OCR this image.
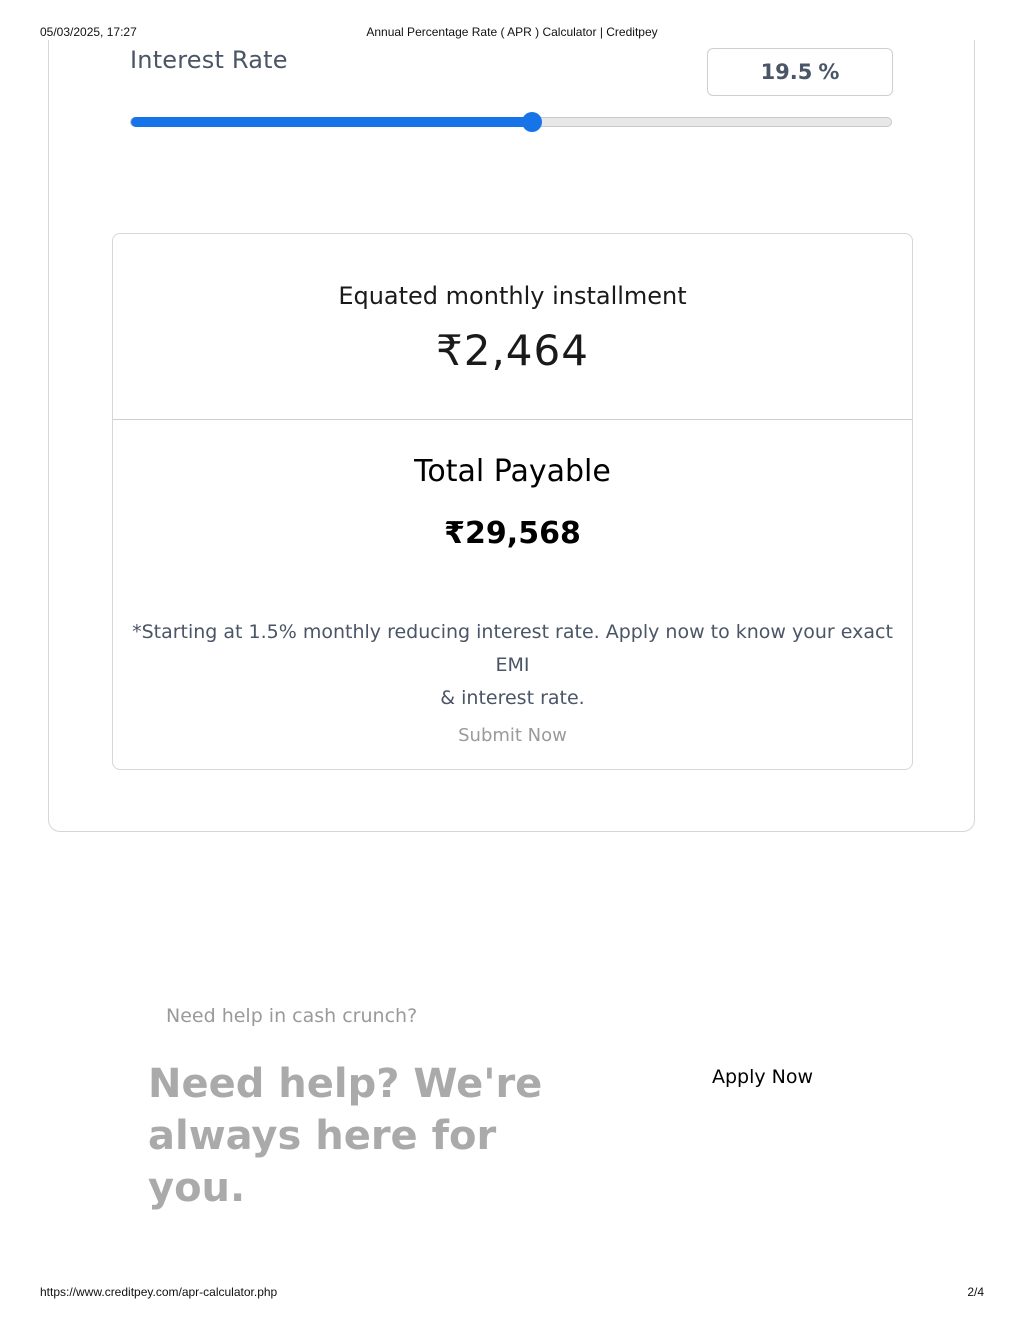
05/03/2025, 17:27	Annual Percentage Rate ( APR ) Calculator | Creditpey
Interest Rate	19.5 %
Equated monthly installment
₹2,464
Total Payable
₹29,568
*Starting at 1.5% monthly reducing interest rate. Apply now to know your exact EMI
& interest rate.
Submit Now
Need help in cash crunch?
Need help? We're
always here for you.
Apply Now
https://www.creditpey.com/apr-calculator.php	2/4
